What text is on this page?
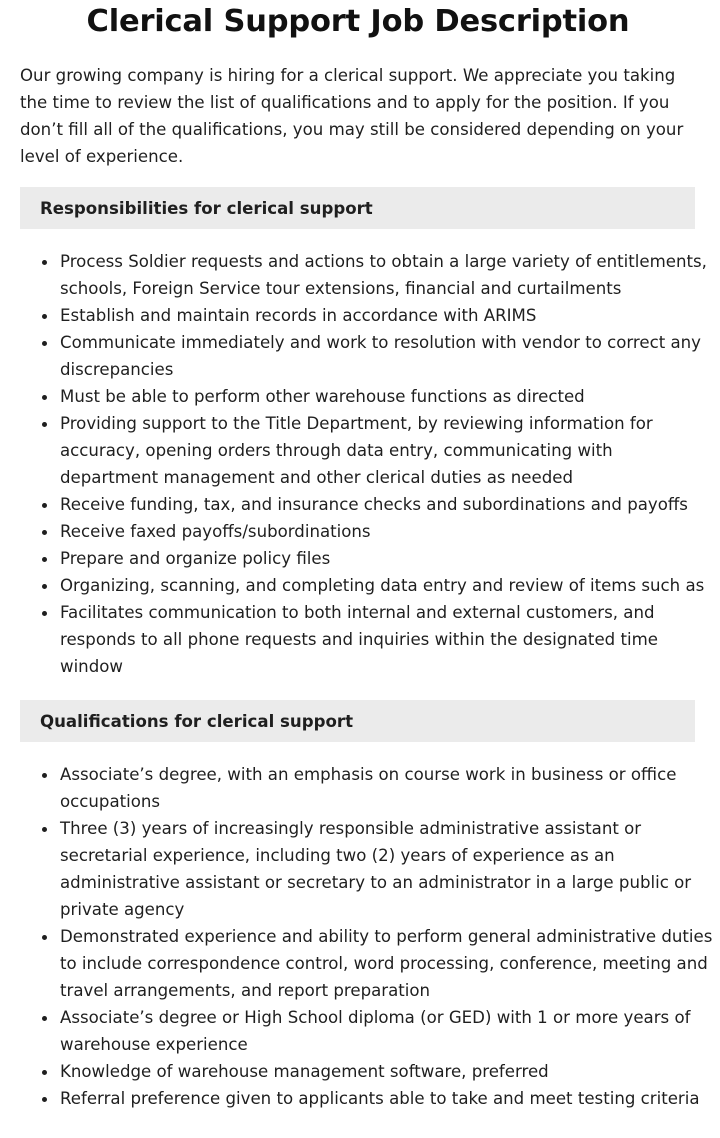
Clerical Support Job Description

Our growing company is hiring for a clerical support. We appreciate you taking the time to review the list of qualifications and to apply for the position. If you don’t fill all of the qualifications, you may still be considered depending on your level of experience.

Responsibilities for clerical support
Process Soldier requests and actions to obtain a large variety of entitlements, schools, Foreign Service tour extensions, financial and curtailments
Establish and maintain records in accordance with ARIMS
Communicate immediately and work to resolution with vendor to correct any discrepancies
Must be able to perform other warehouse functions as directed
Providing support to the Title Department, by reviewing information for accuracy, opening orders through data entry, communicating with department management and other clerical duties as needed
Receive funding, tax, and insurance checks and subordinations and payoffs
Receive faxed payoffs/subordinations
Prepare and organize policy files
Organizing, scanning, and completing data entry and review of items such as
Facilitates communication to both internal and external customers, and responds to all phone requests and inquiries within the designated time window
Qualifications for clerical support
Associate’s degree, with an emphasis on course work in business or office occupations
Three (3) years of increasingly responsible administrative assistant or secretarial experience, including two (2) years of experience as an administrative assistant or secretary to an administrator in a large public or private agency
Demonstrated experience and ability to perform general administrative duties to include correspondence control, word processing, conference, meeting and travel arrangements, and report preparation
Associate’s degree or High School diploma (or GED) with 1 or more years of warehouse experience
Knowledge of warehouse management software, preferred
Referral preference given to applicants able to take and meet testing criteria
